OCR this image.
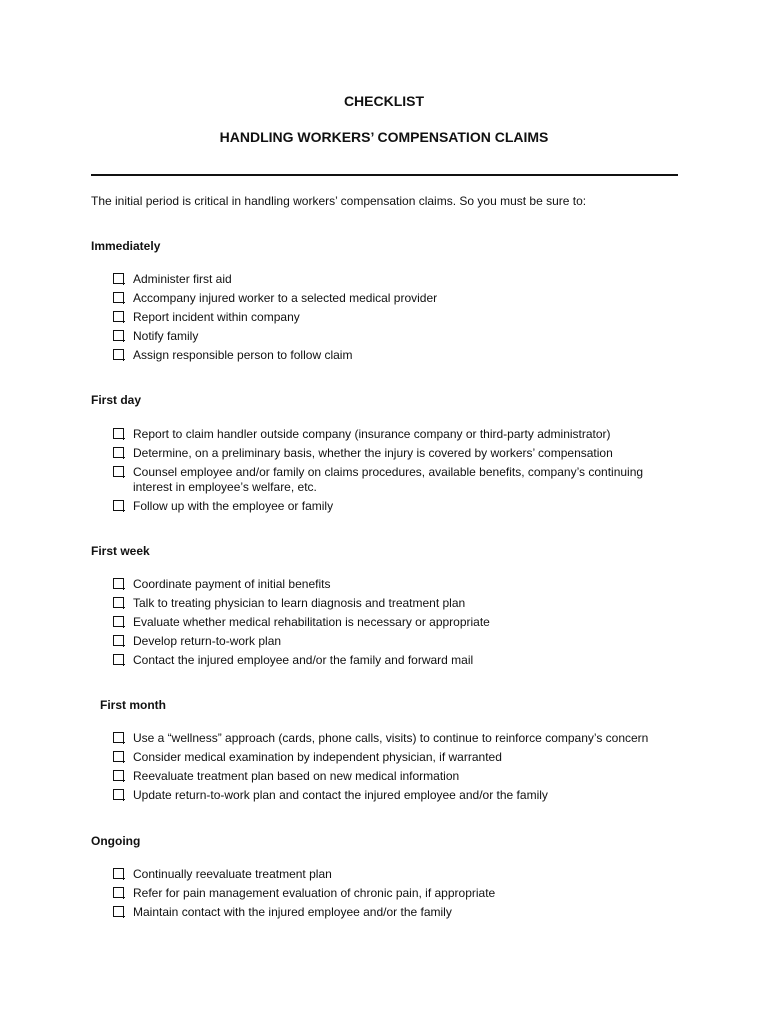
CHECKLIST
HANDLING WORKERS’ COMPENSATION CLAIMS
The initial period is critical in handling workers’ compensation claims. So you must be sure to:
Immediately
Administer first aid
Accompany injured worker to a selected medical provider
Report incident within company
Notify family
Assign responsible person to follow claim
First day
Report to claim handler outside company (insurance company or third-party administrator)
Determine, on a preliminary basis, whether the injury is covered by workers’ compensation
Counsel employee and/or family on claims procedures, available benefits, company’s continuing interest in employee’s welfare, etc.
Follow up with the employee or family
First week
Coordinate payment of initial benefits
Talk to treating physician to learn diagnosis and treatment plan
Evaluate whether medical rehabilitation is necessary or appropriate
Develop return-to-work plan
Contact the injured employee and/or the family and forward mail
First month
Use a “wellness” approach (cards, phone calls, visits) to continue to reinforce company’s concern
Consider medical examination by independent physician, if warranted
Reevaluate treatment plan based on new medical information
Update return-to-work plan and contact the injured employee and/or the family
Ongoing
Continually reevaluate treatment plan
Refer for pain management evaluation of chronic pain, if appropriate
Maintain contact with the injured employee and/or the family
